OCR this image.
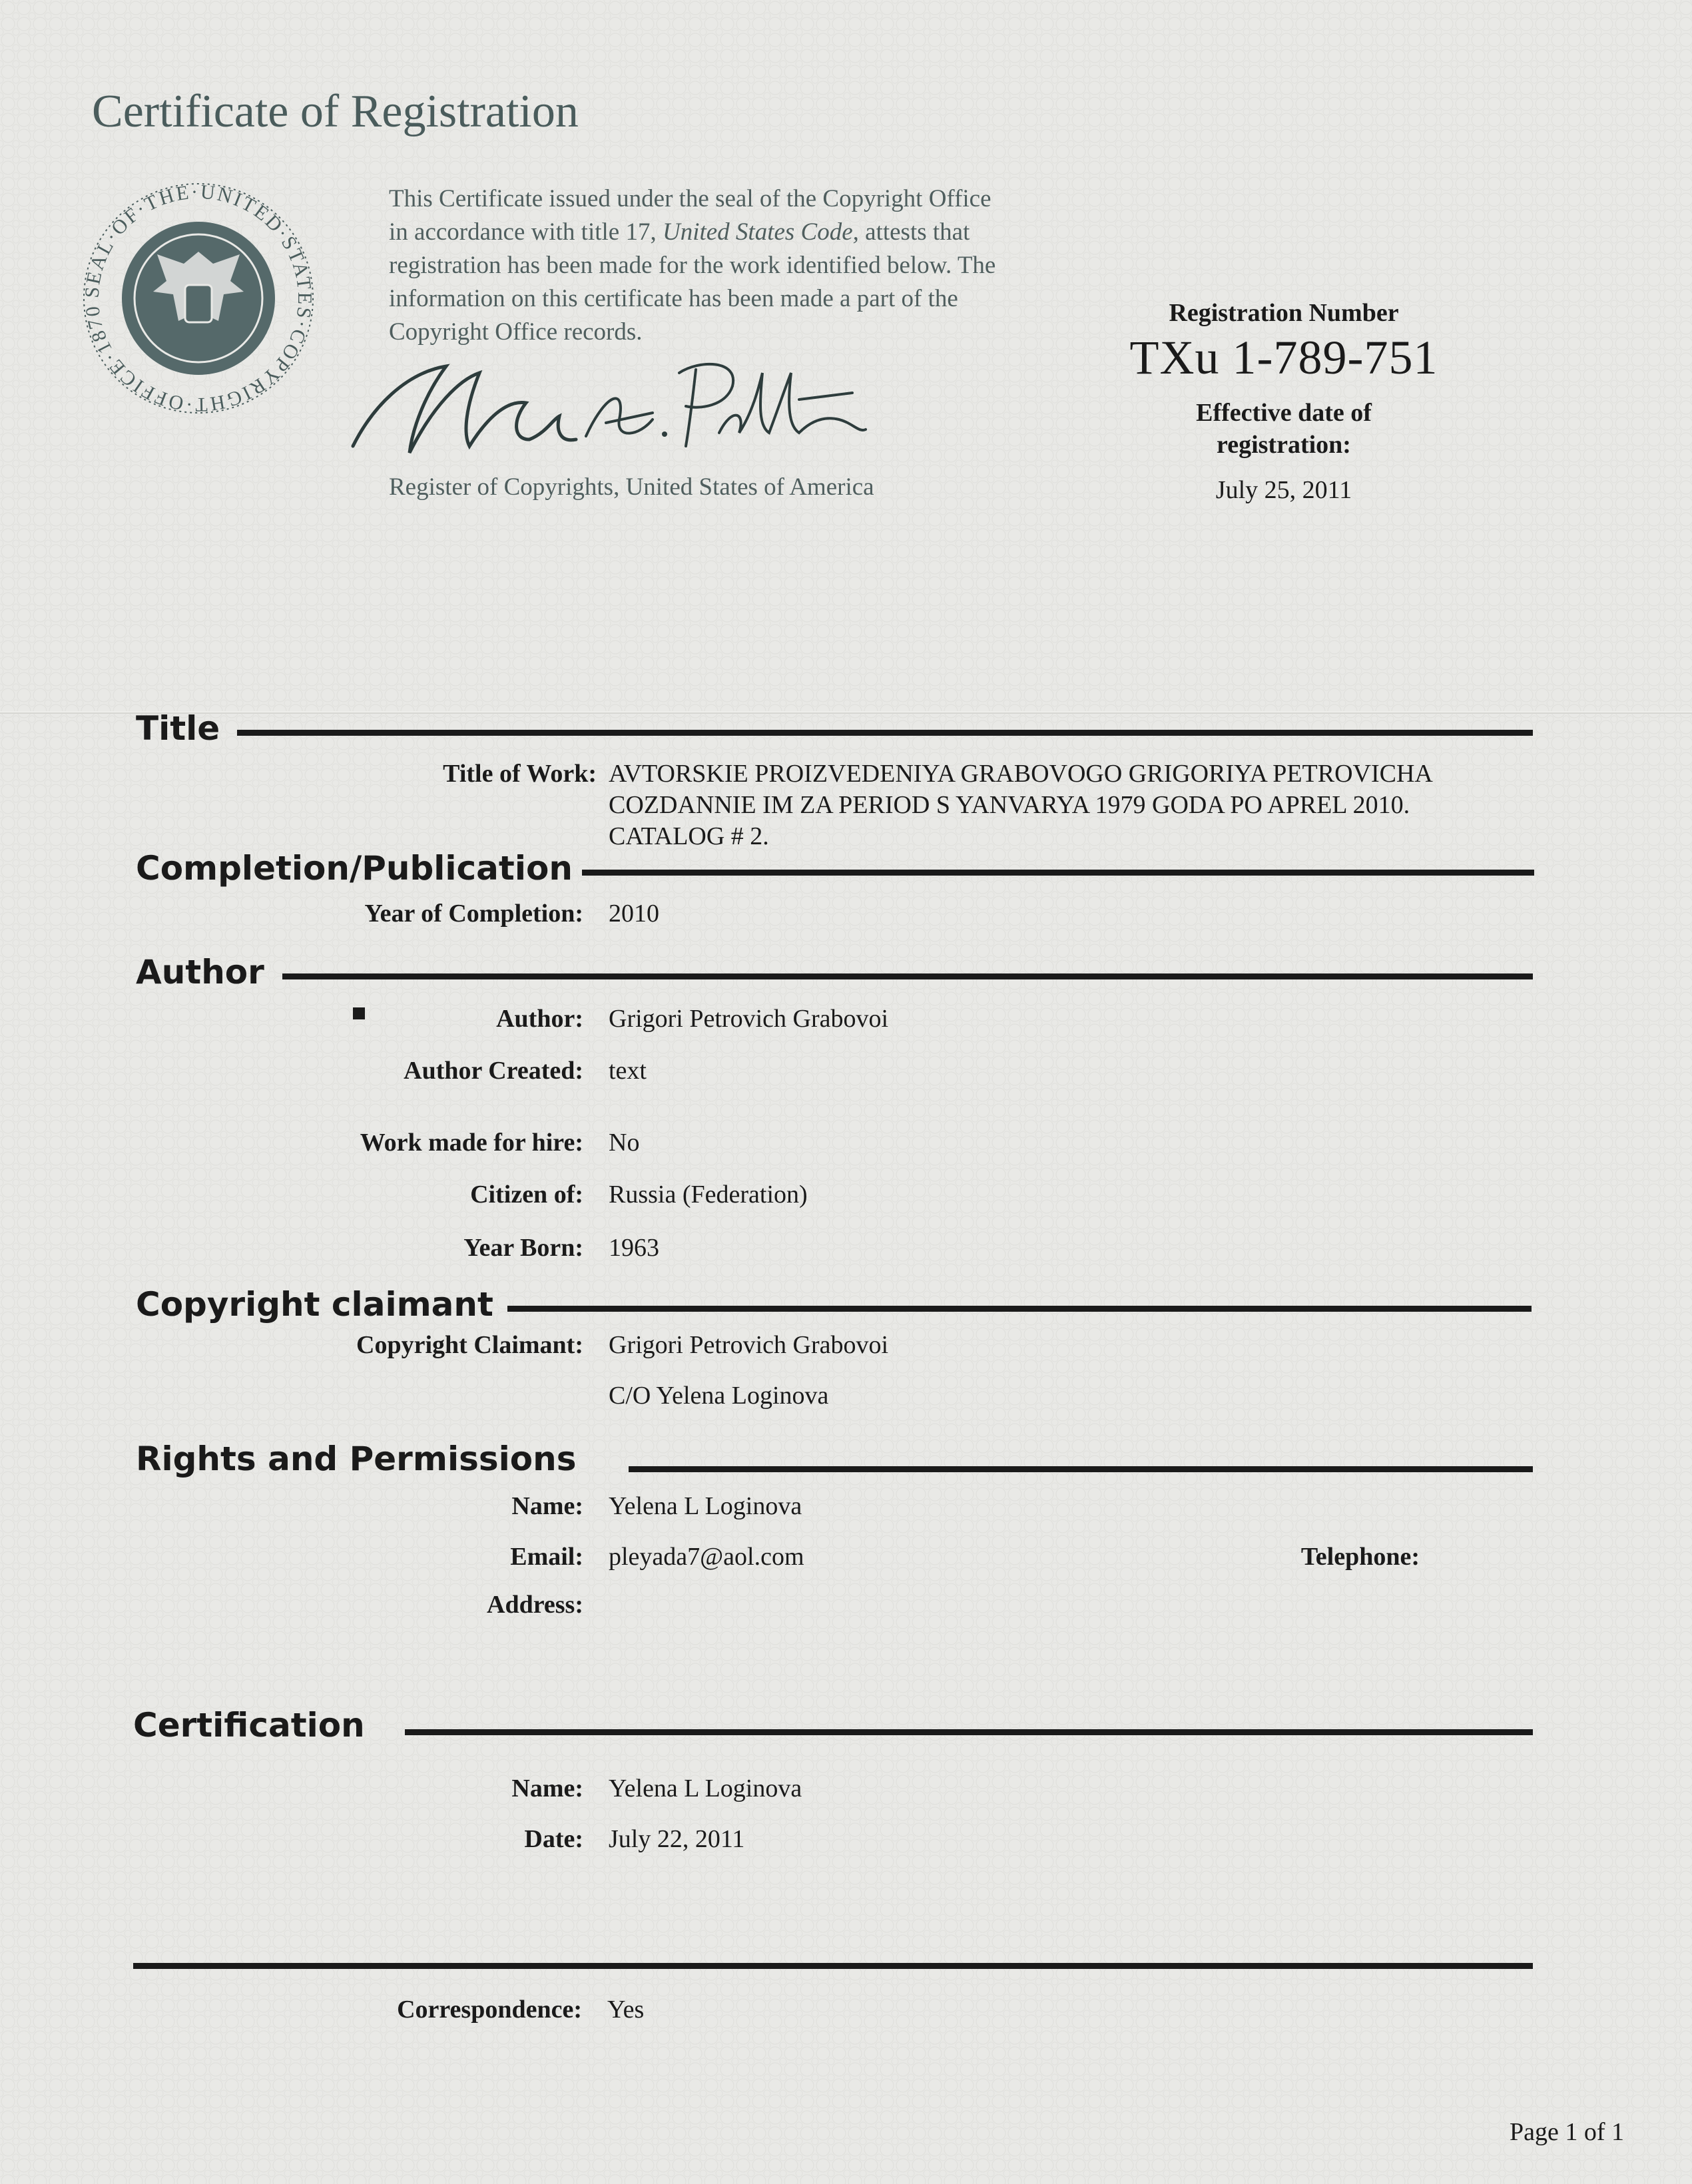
Certificate of Registration
SEAL·OF·THE·UNITED·STATES·COPYRIGHT·OFFICE·1870
This Certificate issued under the seal of the Copyright Office in accordance with title 17, United States Code, attests that registration has been made for the work identified below. The information on this certificate has been made a part of the Copyright Office records.
Register of Copyrights, United States of America
Registration Number
TXu 1-789-751
Effective date of registration:
July 25, 2011
Title
Title of Work: AVTORSKIE PROIZVEDENIYA GRABOVOGO GRIGORIYA PETROVICHA
COZDANNIE IM ZA PERIOD S YANVARYA 1979 GODA PO APREL 2010.
CATALOG # 2.
Completion/Publication
Year of Completion: 2010
Author
Author: Grigori Petrovich Grabovoi
Author Created: text
Work made for hire: No
Citizen of: Russia (Federation)
Year Born: 1963
Copyright claimant
Copyright Claimant: Grigori Petrovich Grabovoi
C/O Yelena Loginova
Rights and Permissions
Name: Yelena L Loginova
Email: pleyada7@aol.com	Telephone:
Address:
Certification
Name: Yelena L Loginova
Date: July 22, 2011
Correspondence: Yes
Page 1 of 1
